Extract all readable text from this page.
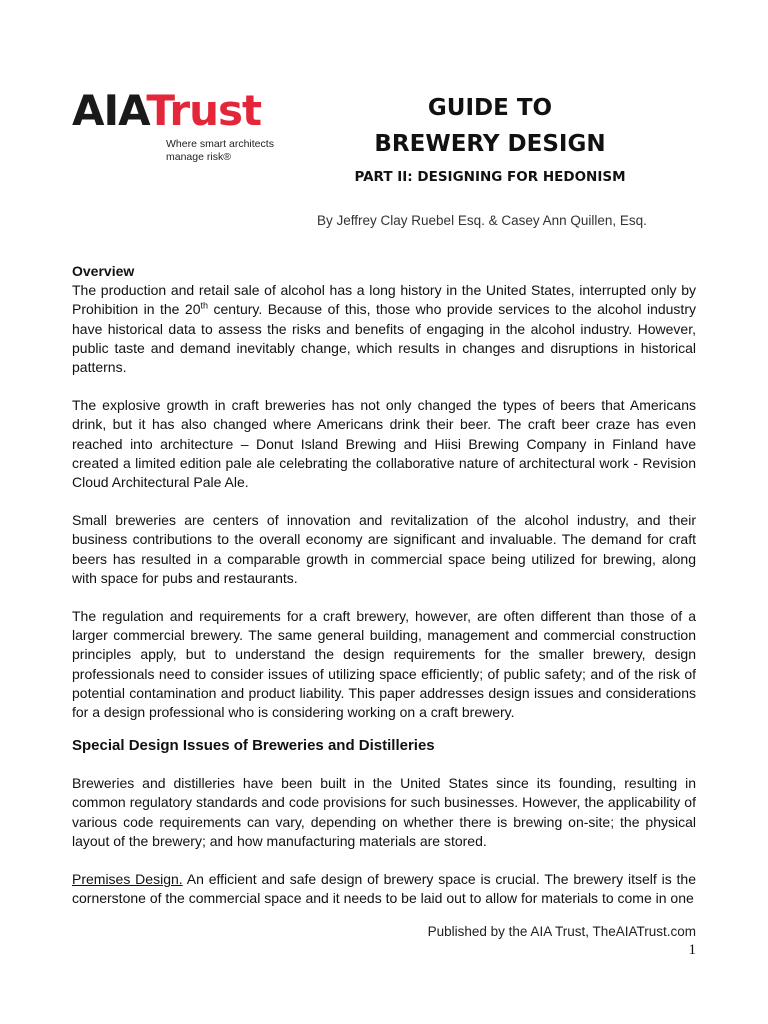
AIATrust
Where smart architects
manage risk®
GUIDE TO
BREWERY DESIGN
PART II: DESIGNING FOR HEDONISM
By Jeffrey Clay Ruebel Esq. & Casey Ann Quillen, Esq.
Overview

The production and retail sale of alcohol has a long history in the United States, interrupted only by Prohibition in the 20th century. Because of this, those who provide services to the alcohol industry have historical data to assess the risks and benefits of engaging in the alcohol industry. However, public taste and demand inevitably change, which results in changes and disruptions in historical patterns.

The explosive growth in craft breweries has not only changed the types of beers that Americans drink, but it has also changed where Americans drink their beer. The craft beer craze has even reached into architecture – Donut Island Brewing and Hiisi Brewing Company in Finland have created a limited edition pale ale celebrating the collaborative nature of architectural work - Revision Cloud Architectural Pale Ale.

Small breweries are centers of innovation and revitalization of the alcohol industry, and their business contributions to the overall economy are significant and invaluable. The demand for craft beers has resulted in a comparable growth in commercial space being utilized for brewing, along with space for pubs and restaurants.

The regulation and requirements for a craft brewery, however, are often different than those of a larger commercial brewery. The same general building, management and commercial construction principles apply, but to understand the design requirements for the smaller brewery, design professionals need to consider issues of utilizing space efficiently; of public safety; and of the risk of potential contamination and product liability. This paper addresses design issues and considerations for a design professional who is considering working on a craft brewery.

Special Design Issues of Breweries and Distilleries

Breweries and distilleries have been built in the United States since its founding, resulting in common regulatory standards and code provisions for such businesses. However, the applicability of various code requirements can vary, depending on whether there is brewing on-site; the physical layout of the brewery; and how manufacturing materials are stored.

Premises Design. An efficient and safe design of brewery space is crucial. The brewery itself is the cornerstone of the commercial space and it needs to be laid out to allow for materials to come in one

Published by the AIA Trust, TheAIATrust.com
1
